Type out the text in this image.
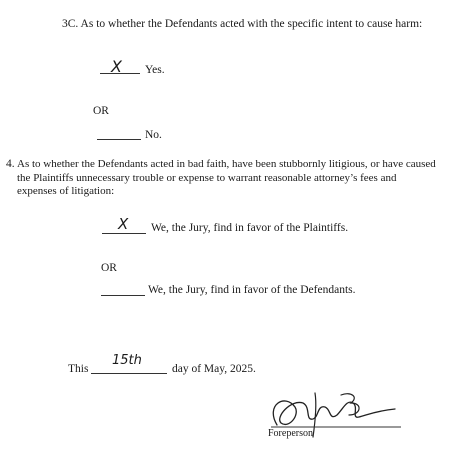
3C. As to whether the Defendants acted with the specific intent to cause harm:
X Yes.
OR
No.
4. As to whether the Defendants acted in bad faith, have been stubbornly litigious, or have caused
the Plaintiffs unnecessary trouble or expense to warrant reasonable attorney’s fees and
expenses of litigation:
X We, the Jury, find in favor of the Plaintiffs.
OR
We, the Jury, find in favor of the Defendants.
This
15th
day of May, 2025.
Foreperson
